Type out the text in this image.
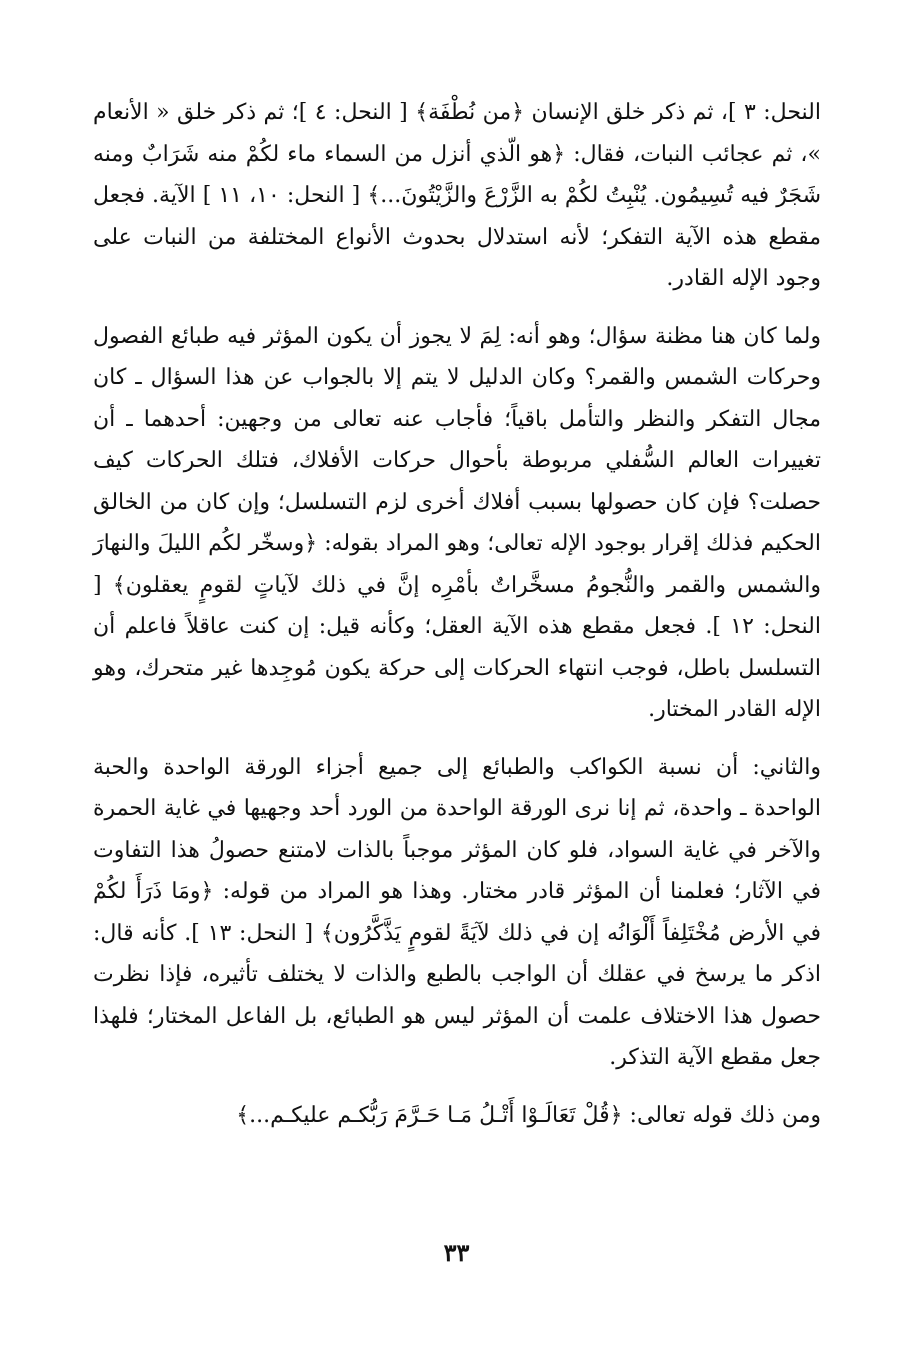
النحل: ٣ ]، ثم ذكر خلق الإنسان ﴿من نُطْفَة﴾ [ النحل: ٤ ]؛ ثم ذكر خلق « الأنعام »، ثم عجائب النبات، فقال: ﴿هو الّذي أنزل من السماء ماء لكُمْ منه شَرَابٌ ومنه شَجَرٌ فيه تُسِيمُون. يُنْبِتُ لكُمْ به الزَّرْعَ والزَّيْتُونَ...﴾ [ النحل: ١٠، ١١ ] الآية. فجعل مقطع هذه الآية التفكر؛ لأنه استدلال بحدوث الأنواع المختلفة من النبات على وجود الإله القادر.

ولما كان هنا مظنة سؤال؛ وهو أنه: لِمَ لا يجوز أن يكون المؤثر فيه طبائع الفصول وحركات الشمس والقمر؟ وكان الدليل لا يتم إلا بالجواب عن هذا السؤال ـ كان مجال التفكر والنظر والتأمل باقياً؛ فأجاب عنه تعالى من وجهين: أحدهما ـ أن تغييرات العالم السُّفلي مربوطة بأحوال حركات الأفلاك، فتلك الحركات كيف حصلت؟ فإن كان حصولها بسبب أفلاك أخرى لزم التسلسل؛ وإن كان من الخالق الحكيم فذلك إقرار بوجود الإله تعالى؛ وهو المراد بقوله: ﴿وسخّر لكُم الليلَ والنهارَ والشمس والقمر والنُّجومُ مسخَّراتٌ بأمْرِه إنَّ في ذلك لآياتٍ لقومٍ يعقلون﴾ [ النحل: ١٢ ]. فجعل مقطع هذه الآية العقل؛ وكأنه قيل: إن كنت عاقلاً فاعلم أن التسلسل باطل، فوجب انتهاء الحركات إلى حركة يكون مُوجِدها غير متحرك، وهو الإله القادر المختار.

والثاني: أن نسبة الكواكب والطبائع إلى جميع أجزاء الورقة الواحدة والحبة الواحدة ـ واحدة، ثم إنا نرى الورقة الواحدة من الورد أحد وجهيها في غاية الحمرة والآخر في غاية السواد، فلو كان المؤثر موجباً بالذات لامتنع حصولُ هذا التفاوت في الآثار؛ فعلمنا أن المؤثر قادر مختار. وهذا هو المراد من قوله: ﴿ومَا ذَرَأَ لكُمْ في الأرض مُخْتَلِفاً أَلْوَانُه إن في ذلك لآيَةً لقومٍ يَذَّكَّرُون﴾ [ النحل: ١٣ ]. كأنه قال: اذكر ما يرسخ في عقلك أن الواجب بالطبع والذات لا يختلف تأثيره، فإذا نظرت حصول هذا الاختلاف علمت أن المؤثر ليس هو الطبائع، بل الفاعل المختار؛ فلهذا جعل مقطع الآية التذكر.

ومن ذلك قوله تعالى: ﴿قُلْ تَعَالَـوْا أَتْـلُ مَـا حَـرَّمَ رَبُّكـم عليكـم...﴾

٣٣
